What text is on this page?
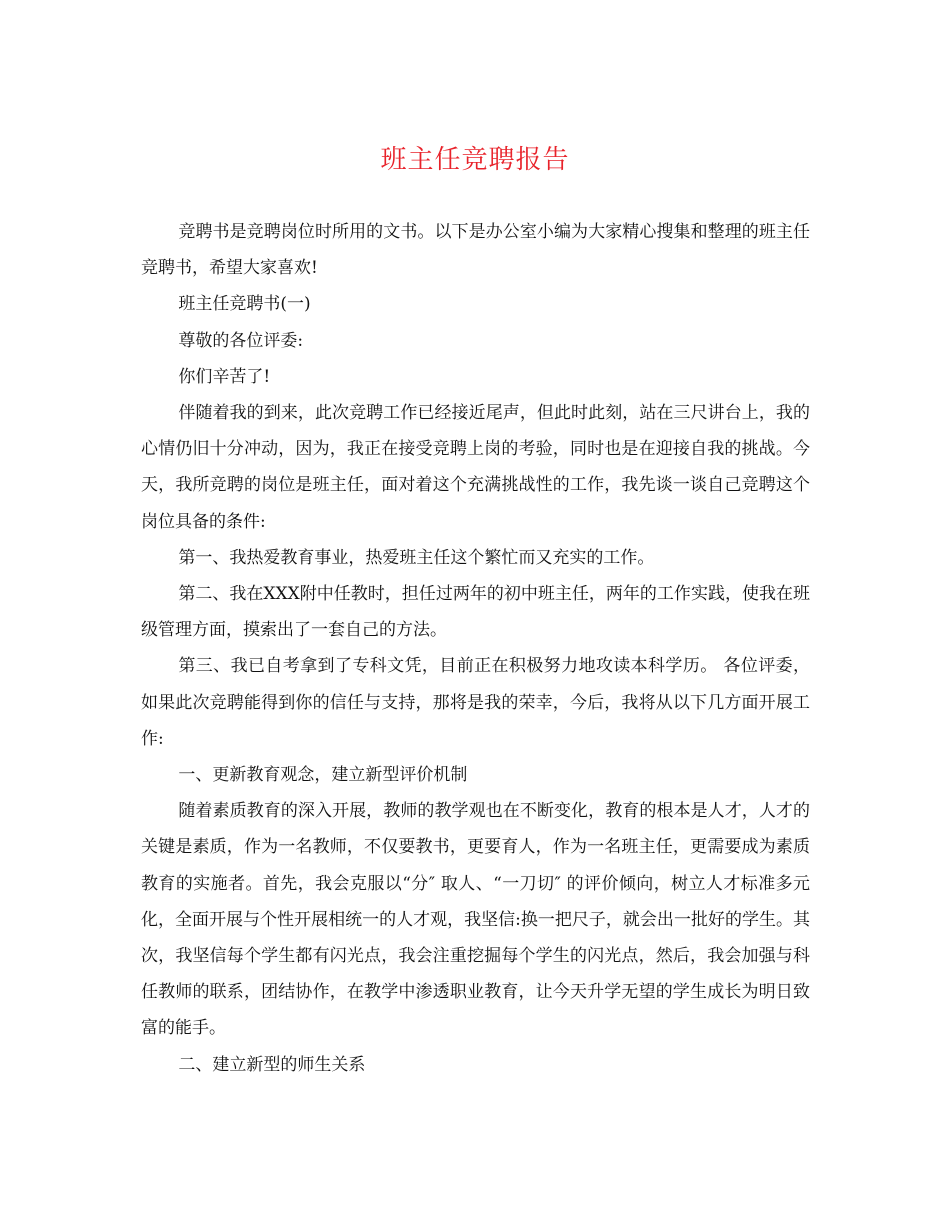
班主任竞聘报告

竞聘书是竞聘岗位时所用的文书。以下是办公室小编为大家精心搜集和整理的班主任竞聘书，希望大家喜欢!

班主任竞聘书(一)

尊敬的各位评委:

你们辛苦了!

伴随着我的到来，此次竞聘工作已经接近尾声，但此时此刻，站在三尺讲台上，我的心情仍旧十分冲动，因为，我正在接受竞聘上岗的考验，同时也是在迎接自我的挑战。今天，我所竞聘的岗位是班主任，面对着这个充满挑战性的工作，我先谈一谈自己竞聘这个岗位具备的条件:

第一、我热爱教育事业，热爱班主任这个繁忙而又充实的工作。

第二、我在XXX附中任教时，担任过两年的初中班主任，两年的工作实践，使我在班级管理方面，摸索出了一套自己的方法。

第三、我已自考拿到了专科文凭，目前正在积极努力地攻读本科学历。 各位评委，如果此次竞聘能得到你的信任与支持，那将是我的荣幸，今后，我将从以下几方面开展工作:

一、更新教育观念，建立新型评价机制

随着素质教育的深入开展，教师的教学观也在不断变化，教育的根本是人才，人才的关键是素质，作为一名教师，不仅要教书，更要育人，作为一名班主任，更需要成为素质教育的实施者。首先，我会克服以“分″ 取人、“一刀切″ 的评价倾向，树立人才标准多元化，全面开展与个性开展相统一的人才观，我坚信:换一把尺子，就会出一批好的学生。其次，我坚信每个学生都有闪光点，我会注重挖掘每个学生的闪光点，然后，我会加强与科任教师的联系，团结协作，在教学中渗透职业教育，让今天升学无望的学生成长为明日致富的能手。

二、建立新型的师生关系
